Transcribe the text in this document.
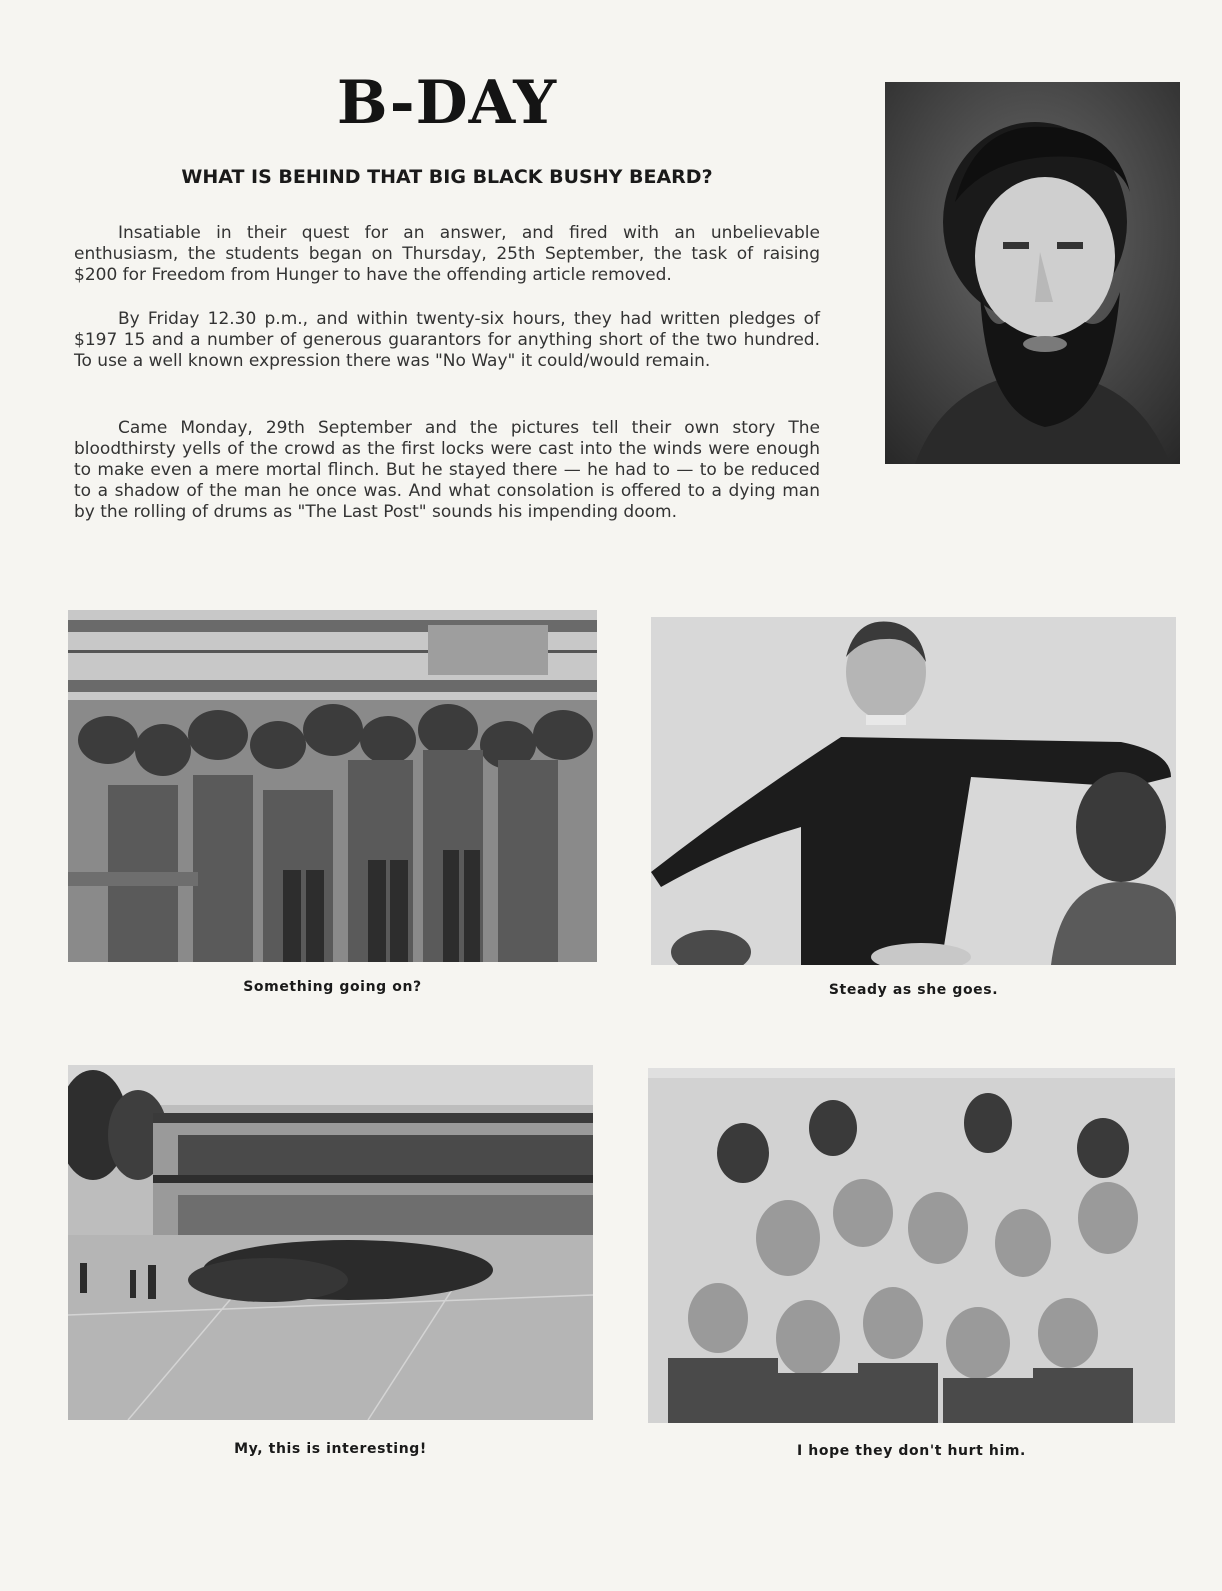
B-DAY
WHAT IS BEHIND THAT BIG BLACK BUSHY BEARD?

Insatiable in their quest for an answer, and fired with an unbelievable enthusiasm, the students began on Thursday, 25th September, the task of raising $200 for Freedom from Hunger to have the offending article removed.

By Friday 12.30 p.m., and within twenty-six hours, they had written pledges of $197 15 and a number of generous guarantors for anything short of the two hundred. To use a well known expression there was "No Way" it could/would remain.

Came Monday, 29th September and the pictures tell their own story The bloodthirsty yells of the crowd as the first locks were cast into the winds were enough to make even a mere mortal flinch. But he stayed there — he had to — to be reduced to a shadow of the man he once was. And what consolation is offered to a dying man by the rolling of drums as "The Last Post" sounds his impending doom.

Something going on?	Steady as she goes.
My, this is interesting!	I hope they don't hurt him.
